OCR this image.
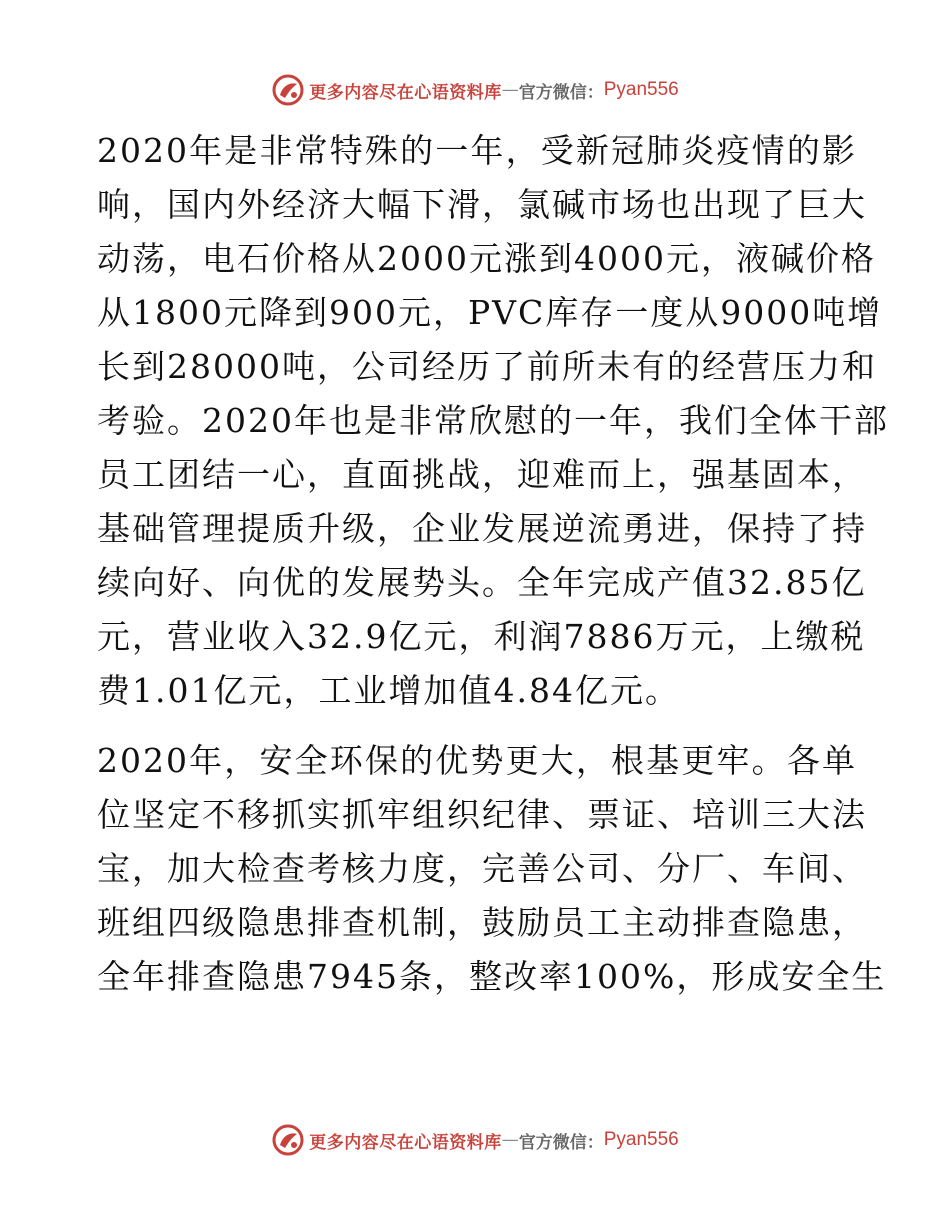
更多内容尽在心语资料库 — 官方微信： Pyan556
2020年是非常特殊的一年，受新冠肺炎疫情的影
响，国内外经济大幅下滑，氯碱市场也出现了巨大
动荡，电石价格从2000元涨到4000元，液碱价格
从1800元降到900元，PVC库存一度从9000吨增
长到28000吨，公司经历了前所未有的经营压力和
考验。2020年也是非常欣慰的一年，我们全体干部
员工团结一心，直面挑战，迎难而上，强基固本，
基础管理提质升级，企业发展逆流勇进，保持了持
续向好、向优的发展势头。全年完成产值32.85亿
元，营业收入32.9亿元，利润7886万元，上缴税
费1.01亿元，工业增加值4.84亿元。
2020年，安全环保的优势更大，根基更牢。各单
位坚定不移抓实抓牢组织纪律、票证、培训三大法
宝，加大检查考核力度，完善公司、分厂、车间、
班组四级隐患排查机制，鼓励员工主动排查隐患，
全年排查隐患7945条，整改率100%，形成安全生
更多内容尽在心语资料库 — 官方微信： Pyan556
